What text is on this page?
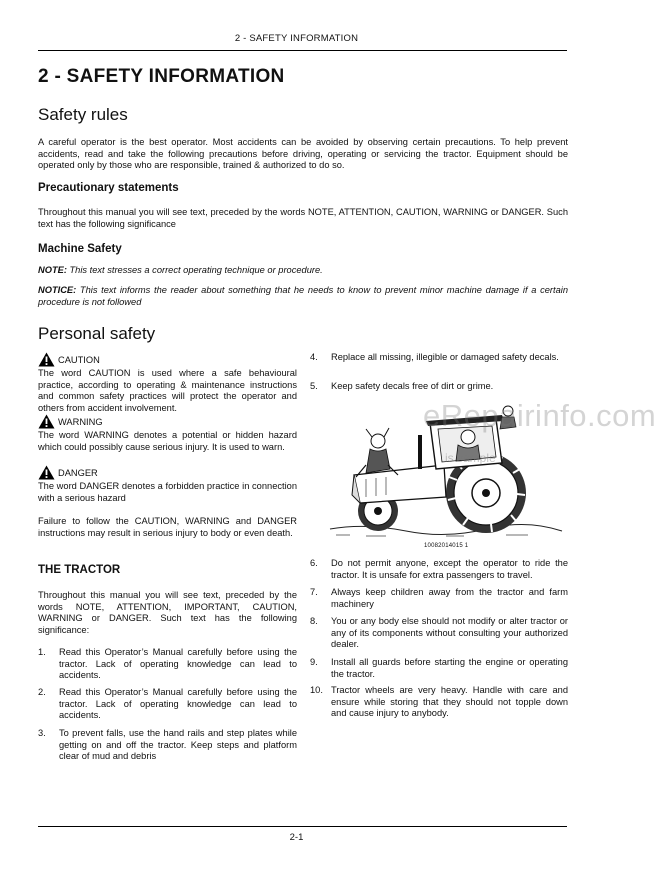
2 - SAFETY INFORMATION
2 - SAFETY INFORMATION
Safety rules
A careful operator is the best operator. Most accidents can be avoided by observing certain precautions. To help prevent accidents, read and take the following precautions before driving, operating or servicing the tractor. Equipment should be operated only by those who are responsible, trained & authorized to do so.
Precautionary statements
Throughout this manual you will see text, preceded by the words NOTE, ATTENTION, CAUTION, WARNING or DANGER. Such text has the following significance
Machine Safety
NOTE: This text stresses a correct operating technique or procedure.
NOTICE: This text informs the reader about something that he needs to know to prevent minor machine damage if a certain procedure is not followed
Personal safety
CAUTION
The word CAUTION is used where a safe behavioural practice, according to operating & maintenance instructions and common safety practices will protect the operator and others from accident involvement.
WARNING
The word WARNING denotes a potential or hidden hazard which could possibly cause serious injury. It is used to warn.
DANGER
The word DANGER denotes a forbidden practice in connection with a serious hazard
Failure to follow the CAUTION, WARNING and DANGER instructions may result in serious injury to body or even death.
THE TRACTOR
Throughout this manual you will see text, preceded by the words NOTE, ATTENTION, IMPORTANT, CAUTION, WARNING or DANGER. Such text has the following significance:
1.	Read this Operator’s Manual carefully before using the tractor. Lack of operating knowledge can lead to accidents.
2.	Read this Operator’s Manual carefully before using the tractor. Lack of operating knowledge can lead to accidents.
3.	To prevent falls, use the hand rails and step plates while getting on and off the tractor. Keep steps and platform clear of mud and debris
4.	Replace all missing, illegible or damaged safety decals.
5.	Keep safety decals free of dirt or grime.
eRepairinfo.com
is sample
10082014015 1
6.	Do not permit anyone, except the operator to ride the tractor. It is unsafe for extra passengers to travel.
7.	Always keep children away from the tractor and farm machinery
8.	You or any body else should not modify or alter tractor or any of its components without consulting your authorized dealer.
9.	Install all guards before starting the engine or operating the tractor.
10. Tractor wheels are very heavy. Handle with care and ensure while storing that they should not topple down and cause injury to anybody.
2-1
